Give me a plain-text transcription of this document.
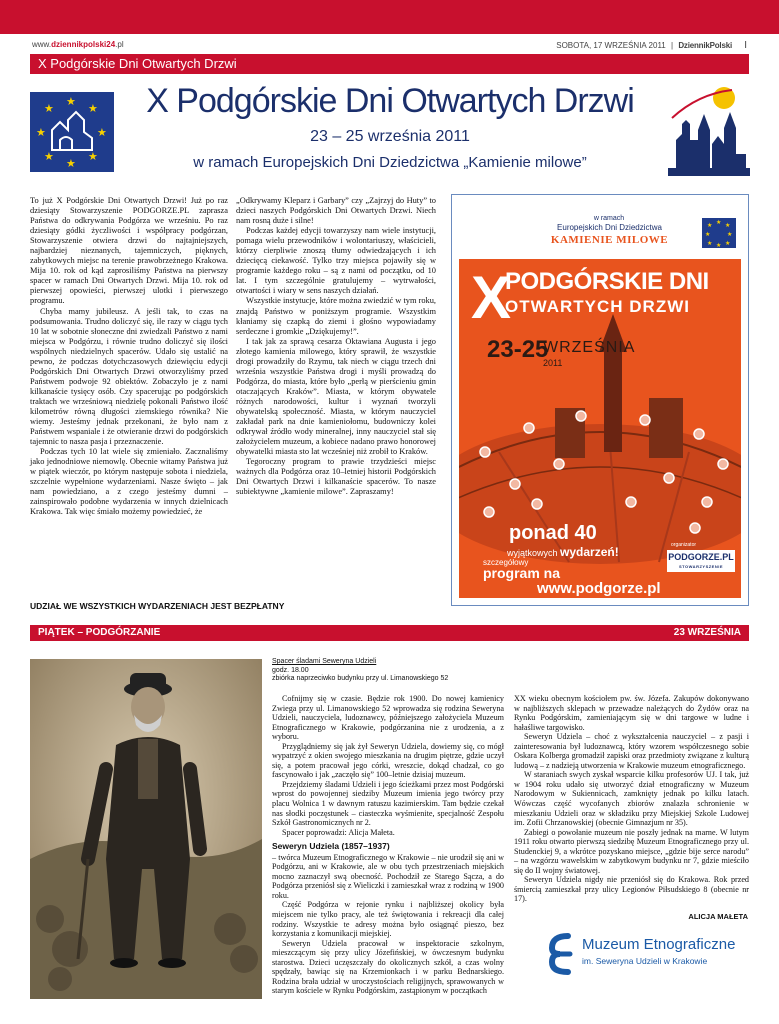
www.dziennikpolski24.pl	SOBOTA, 17 WRZEŚNIA 2011 | DziennikPolski I
X Podgórskie Dni Otwartych Drzwi
★
★
★
★	★
★
★
★
X Podgórskie Dni Otwartych Drzwi
23 – 25 września 2011
w ramach Europejskich Dni Dziedzictwa „Kamienie milowe”

To już X Podgórskie Dni Otwartych Drzwi! Już po raz dziesiąty Stowarzyszenie PODGORZE.PL zaprasza Państwa do odkrywania Podgórza we wrześniu. Po raz dziesiąty gódki życzliwości i współpracy podgórzan, Stowarzyszenie otwiera drzwi do najtajniejszych, najbardziej nieznanych, tajemniczych, pięknych, zabytkowych miejsc na terenie prawobrzeżnego Krakowa. Mija 10. rok od kąd zaprosiliśmy Państwa na pierwszy spacer w ramach Dni Otwartych Drzwi. Mija 10. rok od pierwszej opowieści, pierwszej ulotki i pierwszego programu.

Chyba mamy jubileusz. A jeśli tak, to czas na podsumowania. Trudno doliczyć się, ile razy w ciągu tych 10 lat w sobotnie słoneczne dni zwiedzali Państwo z nami miejsca w Podgórzu, i równie trudno doliczyć się ilości wspólnych niedzielnych spacerów. Udało się ustalić na pewno, że podczas dotychczasowych dziewięciu edycji Podgórskich Dni Otwartych Drzwi otworzyliśmy przed Państwem podwoje 92 obiektów. Zobaczyło je z nami kilkanaście tysięcy osób. Czy spacerując po podgórskich traktach we wrześniową niedzielę pokonali Państwo ilość kilometrów równą długości ziemskiego równika? Nie wiemy. Jesteśmy jednak przekonani, że było nam z Państwem wspaniale i że otwieranie drzwi do podgórskich tajemnic to nasza pasja i przeznaczenie.

Podczas tych 10 lat wiele się zmieniało. Zacznaliśmy jako jednodniowe niemowlę. Obecnie witamy Państwa już w piątek wieczór, po którym następuje sobota i niedziela, szczelnie wypełnione wydarzeniami. Nasze święto – jak nam powiedziano, a z czego jesteśmy dumni – zainspirowało podobne wydarzenia w innych dzielnicach Krakowa. Tak więc śmiało możemy powiedzieć, że

„Odkrywamy Kleparz i Garbary” czy „Zajrzyj do Huty” to dzieci naszych Podgórskich Dni Otwartych Drzwi. Niech nam rosną duże i silne!

Podczas każdej edycji towarzyszy nam wiele instytucji, pomaga wielu przewodników i wolontariuszy, właścicieli, którzy cierpliwie znoszą tłumy odwiedzających i ich dziecięcą ciekawość. Tylko trzy miejsca pojawiły się w programie każdego roku – są z nami od początku, od 10 lat. I tym szczególnie gratulujemy – wytrwałości, otwartości i wiary w sens naszych działań.

Wszystkie instytucje, które można zwiedzić w tym roku, znajdą Państwo w poniższym programie. Wszystkim kłaniamy się czapką do ziemi i głośno wypowiadamy serdeczne i gromkie „Dziękujemy!”.

I tak jak za sprawą cesarza Oktawiana Augusta i jego złotego kamienia milowego, który sprawił, że wszystkie drogi prowadziły do Rzymu, tak niech w ciągu trzech dni września wszystkie Państwa drogi i myśli prowadzą do Podgórza, do miasta, które było „perłą w pierścieniu gmin otaczających Kraków”. Miasta, w którym obywatele różnych narodowości, kultur i wyznań tworzyli obywatelską społeczność. Miasta, w którym nauczyciel zakładał park na dnie kamieniołomu, budowniczy kolei odkrywał źródło wody mineralnej, inny nauczyciel stał się założycielem muzeum, a kobiece nadano prawo honorowej obywatelki miasta sto lat wcześniej niż zrobił to Kraków.

Tegoroczny program to prawie trzydzieści miejsc ważnych dla Podgórza oraz 10–letniej historii Podgórskich Dni Otwartych Drzwi i kilkanaście spacerów. To nasze subiektywne „kamienie milowe”. Zapraszamy!

UDZIAŁ WE WSZYSTKICH WYDARZENIACH JEST BEZPŁATNY
★ ★ ★
★	★
★ ★ ★
w ramach
Europejskich Dni Dziedzictwa
KAMIENIE MILOWE
X
PODGÓRSKIE DNI
OTWARTYCH DRZWI
23-25
WRZEŚNIA
2011
ponad 40
wyjątkowych wydarzeń!
szczegółowy
program na
www.podgorze.pl
organizator
PODGORZE.PL
STOWARZYSZENIE
PIĄTEK – PODGÓRZANIE	23 WRZEŚNIA
Spacer śladami Seweryna Udzieli
godz. 18.00
zbiórka naprzeciwko budynku przy ul. Limanowskiego 52

Cofnijmy się w czasie. Będzie rok 1900. Do nowej kamienicy Zwiega przy ul. Limanowskiego 52 wprowadza się rodzina Seweryna Udzieli, nauczyciela, ludoznawcy, późniejszego założyciela Muzeum Etnograficznego w Krakowie, podgórzanina nie z urodzenia, a z wyboru.

Przyglądniemy się jak żył Seweryn Udziela, dowiemy się, co mógł wypatrzyć z okien swojego mieszkania na drugim piętrze, gdzie uczył się, a potem pracował jego córki, wreszcie, dokąd chadzał, co go fascynowało i jak „zaczęło się” 100–letnie dzisiaj muzeum.

Przejdziemy śladami Udzieli i jego ścieżkami przez most Podgórski wprost do powojennej siedziby Muzeum imienia jego twórcy przy placu Wolnica 1 w dawnym ratuszu kazimierskim. Tam będzie czekał nas słodki poczęstunek – ciasteczka wyśmienite, specjalność Zespołu Szkół Gastronomicznych nr 2.

Spacer poprowadzi: Alicja Małeta.

Seweryn Udziela (1857–1937)

– twórca Muzeum Etnograficznego w Krakowie – nie urodził się ani w Podgórzu, ani w Krakowie, ale w obu tych przestrzeniach miejskich mocno zaznaczył swą obecność. Pochodził ze Starego Sącza, a do Podgórza przeniósł się z Wieliczki i zamieszkał wraz z rodziną w 1900 roku.

Część Podgórza w rejonie rynku i najbliższej okolicy była miejscem nie tylko pracy, ale też świętowania i rekreacji dla całej rodziny. Wszystkie te adresy można było osiągnąć pieszo, bez korzystania z komunikacji miejskiej.

Seweryn Udziela pracował w inspektoracie szkolnym, mieszczącym się przy ulicy Józefińskiej, w ówczesnym budynku starostwa. Dzieci uczęszczały do okolicznych szkół, a czas wolny spędzały, bawiąc się na Krzemionkach i w parku Bednarskiego. Rodzina brała udział w uroczystościach religijnych, sprawowanych w starym kościele w Rynku Podgórskim, zastąpionym w początkach

XX wieku obecnym kościołem pw. św. Józefa. Zakupów dokonywano w najbliższych sklepach w przewadze należących do Żydów oraz na Rynku Podgórskim, zamieniającym się w dni targowe w ludne i hałaśliwe targowisko.

Seweryn Udziela – choć z wykształcenia nauczyciel – z pasji i zainteresowania był ludoznawcą, który wzorem współczesnego sobie Oskara Kolberga gromadził zapiski oraz przedmioty związane z kulturą ludową – z nadzieją utworzenia w Krakowie muzeum etnograficznego.

W staraniach swych zyskał wsparcie kilku profesorów UJ. I tak, już w 1904 roku udało się utworzyć dział etnograficzny w Muzeum Narodowym w Sukiennicach, zamknięty jednak po kilku latach. Wówczas część wycofanych zbiorów znalazła schronienie w mieszkaniu Udzieli oraz w składziku przy Miejskiej Szkole Ludowej im. Zofii Chrzanowskiej (obecnie Gimnazjum nr 35).

Zabiegi o powołanie muzeum nie poszły jednak na marne. W lutym 1911 roku otwarto pierwszą siedzibę Muzeum Etnograficznego przy ul. Studenckiej 9, a wkrótce pozyskano miejsce, „gdzie bije serce narodu” – na wzgórzu wawelskim w zabytkowym budynku nr 7, gdzie mieściło się do II wojny światowej.

Seweryn Udziela nigdy nie przeniósł się do Krakowa. Rok przed śmiercią zamieszkał przy ulicy Legionów Piłsudskiego 8 (obecnie nr 17).

ALICJA MAŁETA
Muzeum Etnograficzne
im. Seweryna Udzieli w Krakowie
